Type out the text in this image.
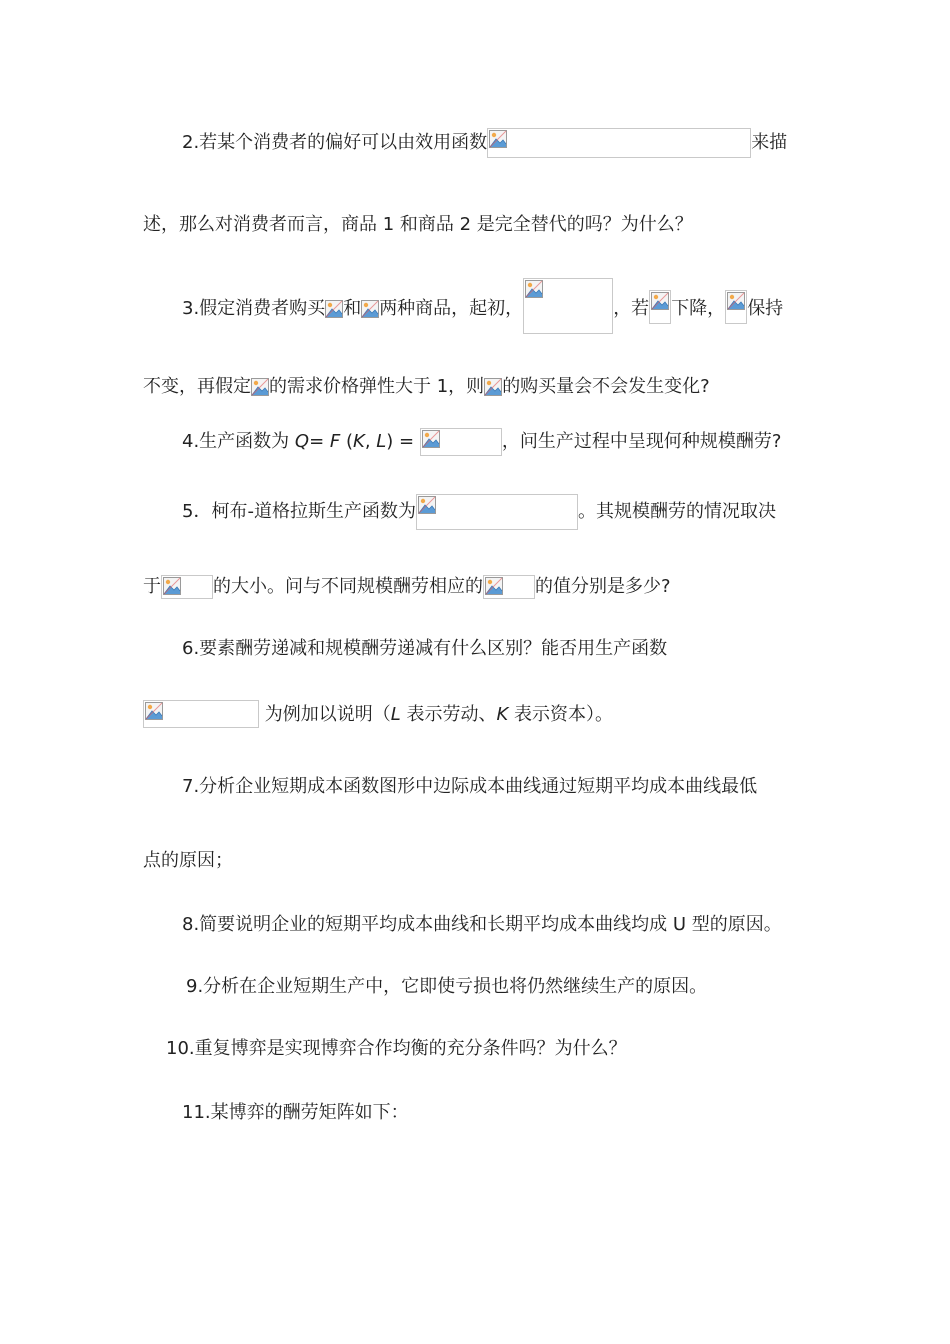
2.若某个消费者的偏好可以由效用函数	来描
述，那么对消费者而言，商品 1 和商品 2 是完全替代的吗？为什么？
3.假定消费者购买 和 两种商品，起初，	，若 下降， 保持
不变，再假定 的需求价格弹性大于 1，则 的购买量会不会发生变化?
4.生产函数为 Q= F (K, L) =	，问生产过程中呈现何种规模酬劳?
5．柯布-道格拉斯生产函数为	。其规模酬劳的情况取决
于	的大小。问与不同规模酬劳相应的	的值分别是多少?
6.要素酬劳递减和规模酬劳递减有什么区别？能否用生产函数
为例加以说明（L 表示劳动、K 表示资本）。
7.分析企业短期成本函数图形中边际成本曲线通过短期平均成本曲线最低
点的原因；
8.简要说明企业的短期平均成本曲线和长期平均成本曲线均成 U 型的原因。
9.分析在企业短期生产中，它即使亏损也将仍然继续生产的原因。
10.重复博弈是实现博弈合作均衡的充分条件吗？为什么？
11.某博弈的酬劳矩阵如下：
